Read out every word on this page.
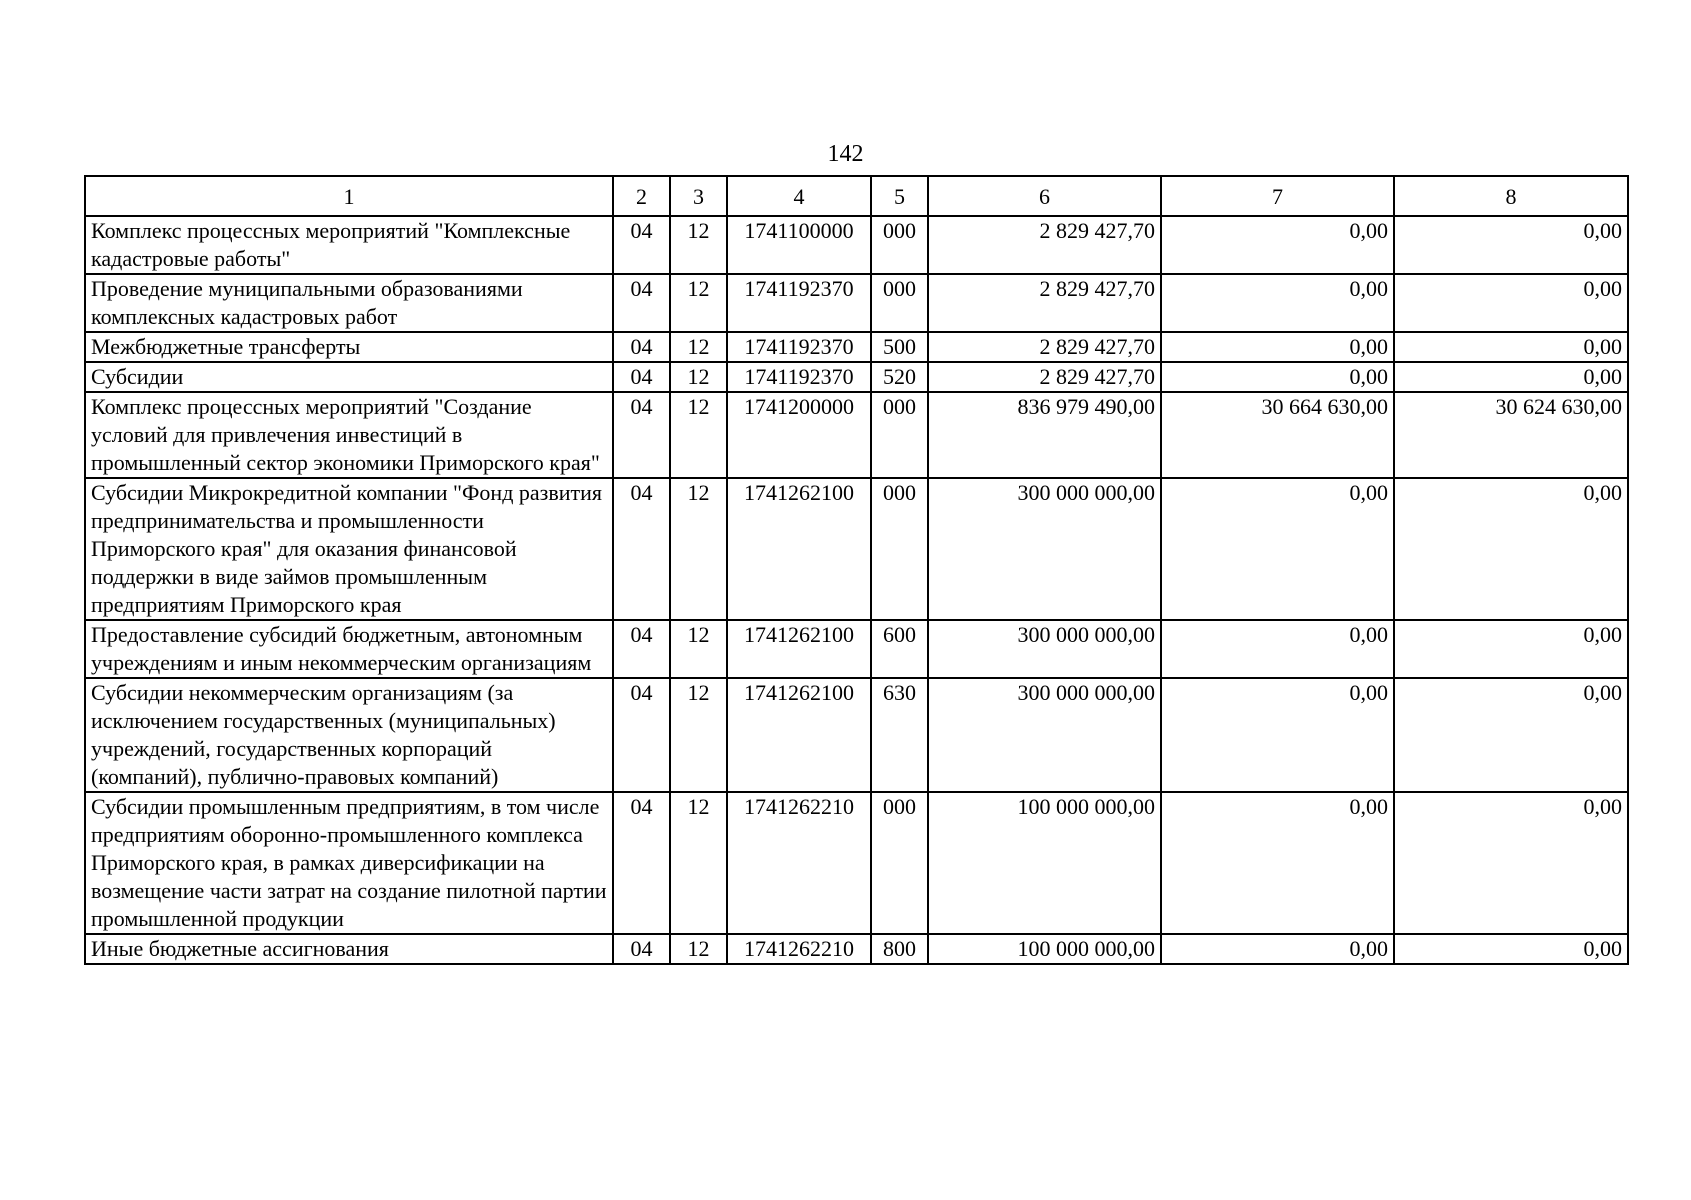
142
1	2	3	4	5	6	7	8
Комплекс процессных мероприятий "Комплексные кадастровые работы"	04	12	1741100000	000	2 829 427,70	0,00	0,00
Проведение муниципальными образованиями комплексных кадастровых работ	04	12	1741192370	000	2 829 427,70	0,00	0,00
Межбюджетные трансферты	04	12	1741192370	500	2 829 427,70	0,00	0,00
Субсидии	04	12	1741192370	520	2 829 427,70	0,00	0,00
Комплекс процессных мероприятий "Создание условий для привлечения инвестиций в промышленный сектор экономики Приморского края"	04	12	1741200000	000	836 979 490,00	30 664 630,00	30 624 630,00
Субсидии Микрокредитной компании "Фонд развития предпринимательства и промышленности Приморского края" для оказания финансовой поддержки в виде займов промышленным предприятиям Приморского края	04	12	1741262100	000	300 000 000,00	0,00	0,00
Предоставление субсидий бюджетным, автономным учреждениям и иным некоммерческим организациям	04	12	1741262100	600	300 000 000,00	0,00	0,00
Субсидии некоммерческим организациям (за исключением государственных (муниципальных) учреждений, государственных корпораций (компаний), публично-правовых компаний)	04	12	1741262100	630	300 000 000,00	0,00	0,00
Субсидии промышленным предприятиям, в том числе предприятиям оборонно-промышленного комплекса Приморского края, в рамках диверсификации на возмещение части затрат на создание пилотной партии промышленной продукции	04	12	1741262210	000	100 000 000,00	0,00	0,00
Иные бюджетные ассигнования	04	12	1741262210	800	100 000 000,00	0,00	0,00
